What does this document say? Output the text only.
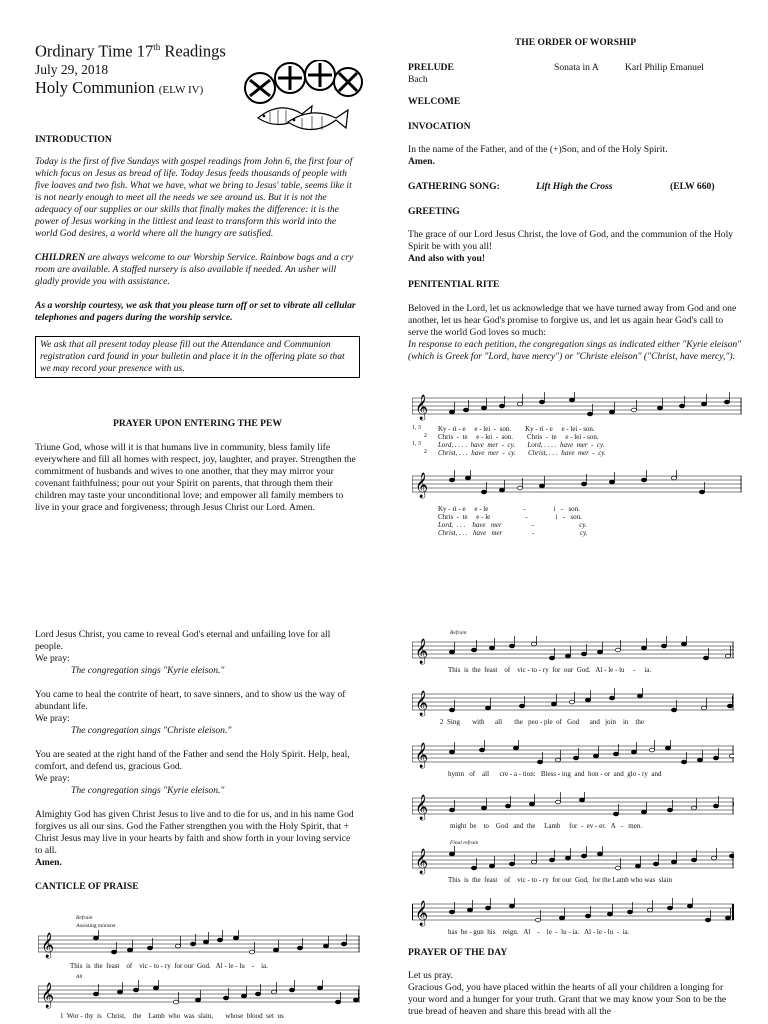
Ordinary Time 17th Readings
July 29, 2018
Holy Communion (ELW IV)
INTRODUCTION

Today is the first of five Sundays with gospel readings from John 6, the first four of which focus on Jesus as bread of life. Today Jesus feeds thousands of people with five loaves and two fish. What we have, what we bring to Jesus' table, seems like it is not nearly enough to meet all the needs we see around us. But it is not the adequacy of our supplies or our skills that finally makes the difference: it is the power of Jesus working in the littlest and least to transform this world into the world God desires, a world where all the hungry are satisfied.

CHILDREN are always welcome to our Worship Service. Rainbow bags and a cry room are available. A staffed nursery is also available if needed. An usher will gladly provide you with assistance.

As a worship courtesy, we ask that you please turn off or set to vibrate all cellular telephones and pagers during the worship service.

We ask that all present today please fill out the Attendance and Communion registration card found in your bulletin and place it in the offering plate so that we may record your presence with us.

PRAYER UPON ENTERING THE PEW

Triune God, whose will it is that humans live in community, bless family life everywhere and fill all homes with respect, joy, laughter, and prayer. Strengthen the commitment of husbands and wives to one another, that they may mirror your covenant faithfulness; pour out your Spirit on parents, that through them their children may taste your unconditional love; and empower all family members to live in your grace and forgiveness; through Jesus Christ our Lord. Amen.

Lord Jesus Christ, you came to reveal God's eternal and unfailing love for all people.

We pray:

The congregation sings "Kyrie eleison."

You came to heal the contrite of heart, to save sinners, and to show us the way of abundant life.

We pray:

The congregation sings "Christe eleison."

You are seated at the right hand of the Father and send the Holy Spirit. Help, heal, comfort, and defend us, gracious God.

We pray:

The congregation sings "Kyrie eleison."

Almighty God has given Christ Jesus to live and to die for us, and in his name God forgives us all our sins. God the Father strengthen you with the Holy Spirit, that + Christ Jesus may live in your hearts by faith and show forth in your loving service to all.

Amen.

CANTICLE OF PRAISE
Refrain
Assisting minister
𝄞
This  is  the  feast    of    vic - to - ry  for our  God.   Al - le - lu    -    ia.
All
𝄞
1  Wor - thy  is   Christ,    the    Lamb  who  was  slain,       whose  blood  set  us
THE ORDER OF WORSHIP
PRELUDE	Sonata in A	Karl Philip Emanuel
Bach
WELCOME
INVOCATION

In the name of the Father, and of the (+)Son, and of the Holy Spirit.

Amen.

GATHERING SONG:	Lift High the Cross	(ELW 660)
GREETING

The grace of our Lord Jesus Christ, the love of God, and the communion of the Holy Spirit be with you all!

And also with you!

PENITENTIAL RITE

Beloved in the Lord, let us acknowledge that we have turned away from God and one another, let us hear God's promise to forgive us, and let us again hear God's call to serve the world God loves so much:

In response to each petition, the congregation sings as indicated either "Kyrie eleison" (which is Greek for "Lord, have mercy") or "Christe eleison" ("Christ, have mercy,").

𝄞
1, 3
2
1, 3
2
Ky - ri - e     e - lei  -  son.        Ky - ri - e     e - lei - son.
Chris  -  te     e - lei  -  son.        Chris  -  te     e - lei - son.
Lord, . . . .  have  mer  -  cy.       Lord, . . . .  have  mer  -  cy.
Christ, . . .  have  mer  -  cy.       Christ, . . .  have  mer  -  cy.
𝄞
Ky - ri - e     e - le                    -                i   -   son.
Chris  -  te     e - le                    -                i   -   son.
Lord,  . . .    have   mer                 -                          cy.
Christ, . . .   have   mer                 -                          cy.
Refrain
𝄞
This  is  the  feast    of    vic - to - ry  for  our  God.   Al - le - lu     -     ia.
𝄞
2  Sing       with      all       the   peo - ple  of   God      and   join    in    the
𝄞
hymn   of    all      cre - a - tion:   Bless - ing  and  hon - or  and  glo - ry  and
𝄞
might  be    to    God   and  the     Lamb     for  -  ev - er.   A   -   men.
Final refrain
𝄞
This  is  the  feast    of    vic - to - ry  for our  God,  for the Lamb who was  slain
𝄞
has  be - gun  his    reign.   Al    -    le  -  lu - ia.   Al - le - lu  -  ia.
PRAYER OF THE DAY

Let us pray.

Gracious God, you have placed within the hearts of all your children a longing for your word and a hunger for your truth. Grant that we may know your Son to be the true bread of heaven and share this bread with all the
